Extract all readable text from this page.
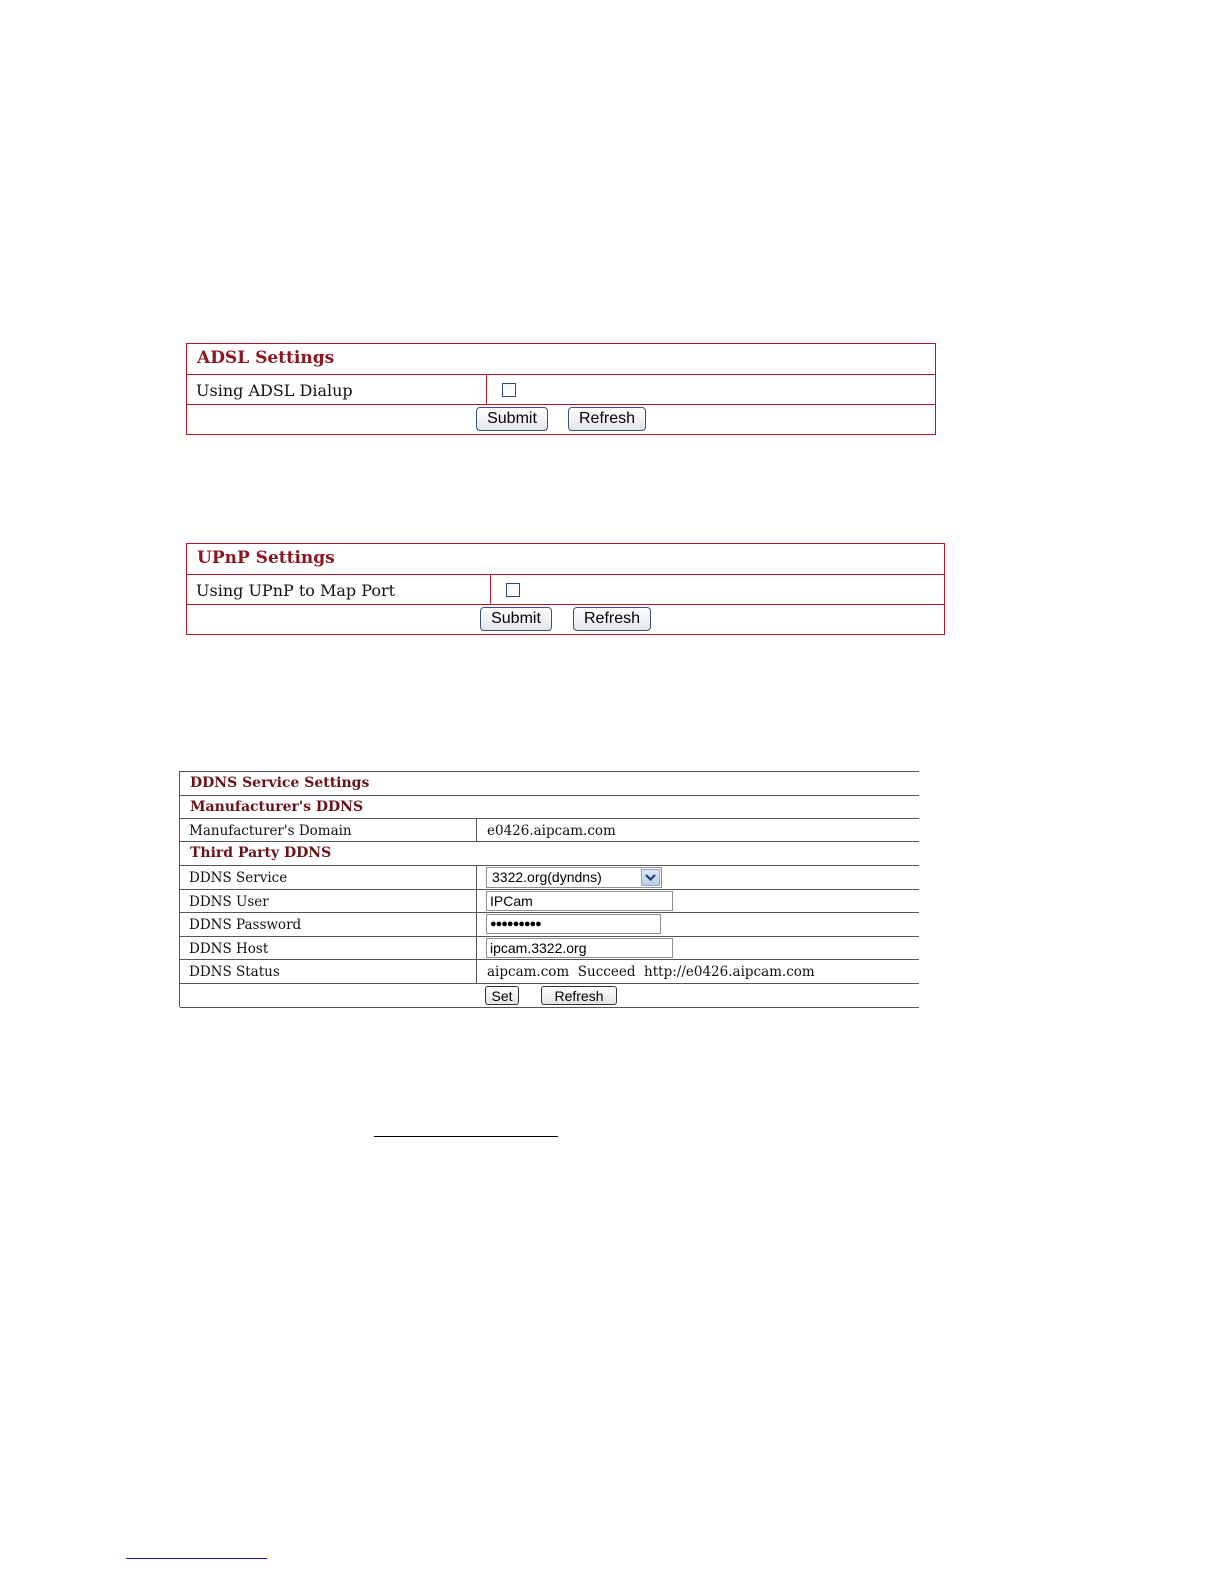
ADSL Settings
Using ADSL Dialup
Submit	Refresh
UPnP Settings
Using UPnP to Map Port
Submit	Refresh
DDNS Service Settings
Manufacturer's DDNS
Manufacturer's Domain	e0426.aipcam.com
Third Party DDNS
DDNS Service	3322.org(dyndns)
DDNS User	IPCam
DDNS Password	●●●●●●●●●
DDNS Host	ipcam.3322.org
DDNS Status	aipcam.com  Succeed  http://e0426.aipcam.com
Set	Refresh
